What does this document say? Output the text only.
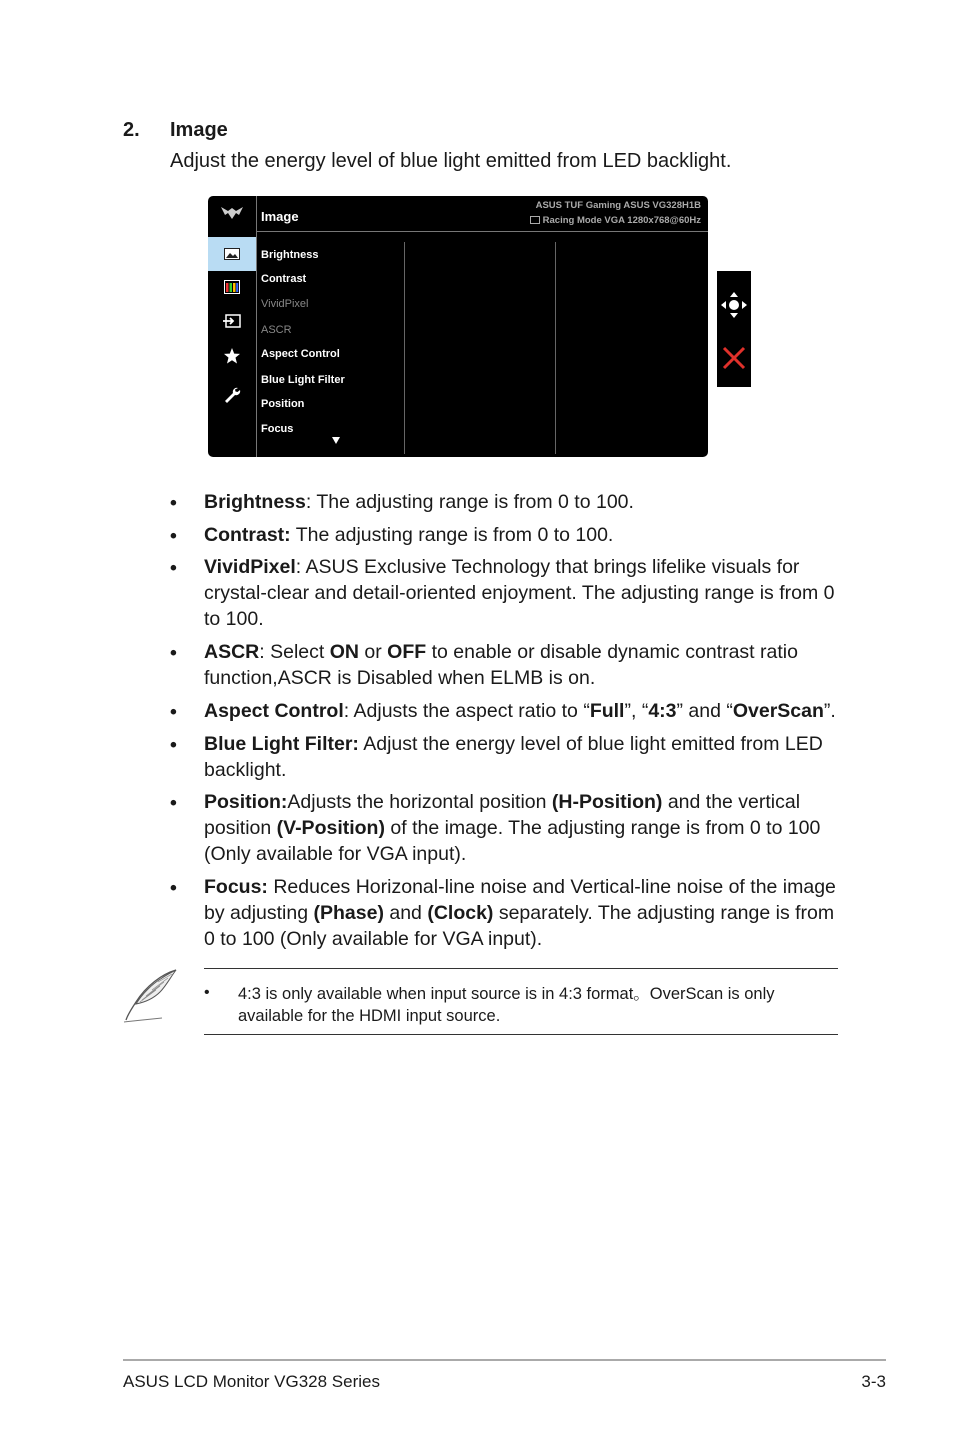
2. Image
Adjust the energy level of blue light emitted from LED backlight.
Image
ASUS TUF Gaming ASUS VG328H1B
Racing Mode VGA 1280x768@60Hz
Brightness
Contrast
VividPixel
ASCR
Aspect Control
Blue Light Filter
Position
Focus
• Brightness: The adjusting range is from 0 to 100.
• Contrast: The adjusting range is from 0 to 100.
• VividPixel: ASUS Exclusive Technology that brings lifelike visuals for crystal-clear and detail-oriented enjoyment. The adjusting range is from 0 to 100.
• ASCR: Select ON or OFF to enable or disable dynamic contrast ratio function,ASCR is Disabled when ELMB is on.
• Aspect Control: Adjusts the aspect ratio to “Full”, “4:3” and “OverScan”.
• Blue Light Filter: Adjust the energy level of blue light emitted from LED backlight.
• Position:Adjusts the horizontal position (H-Position) and the vertical position (V-Position) of the image. The adjusting range is from 0 to 100 (Only available for VGA input).
• Focus: Reduces Horizonal-line noise and Vertical-line noise of the image by adjusting (Phase) and (Clock) separately. The adjusting range is from 0 to 100 (Only available for VGA input).
• 4:3 is only available when input source is in 4:3 format。OverScan is only available for the HDMI input source.
ASUS LCD Monitor VG328 Series	3-3
